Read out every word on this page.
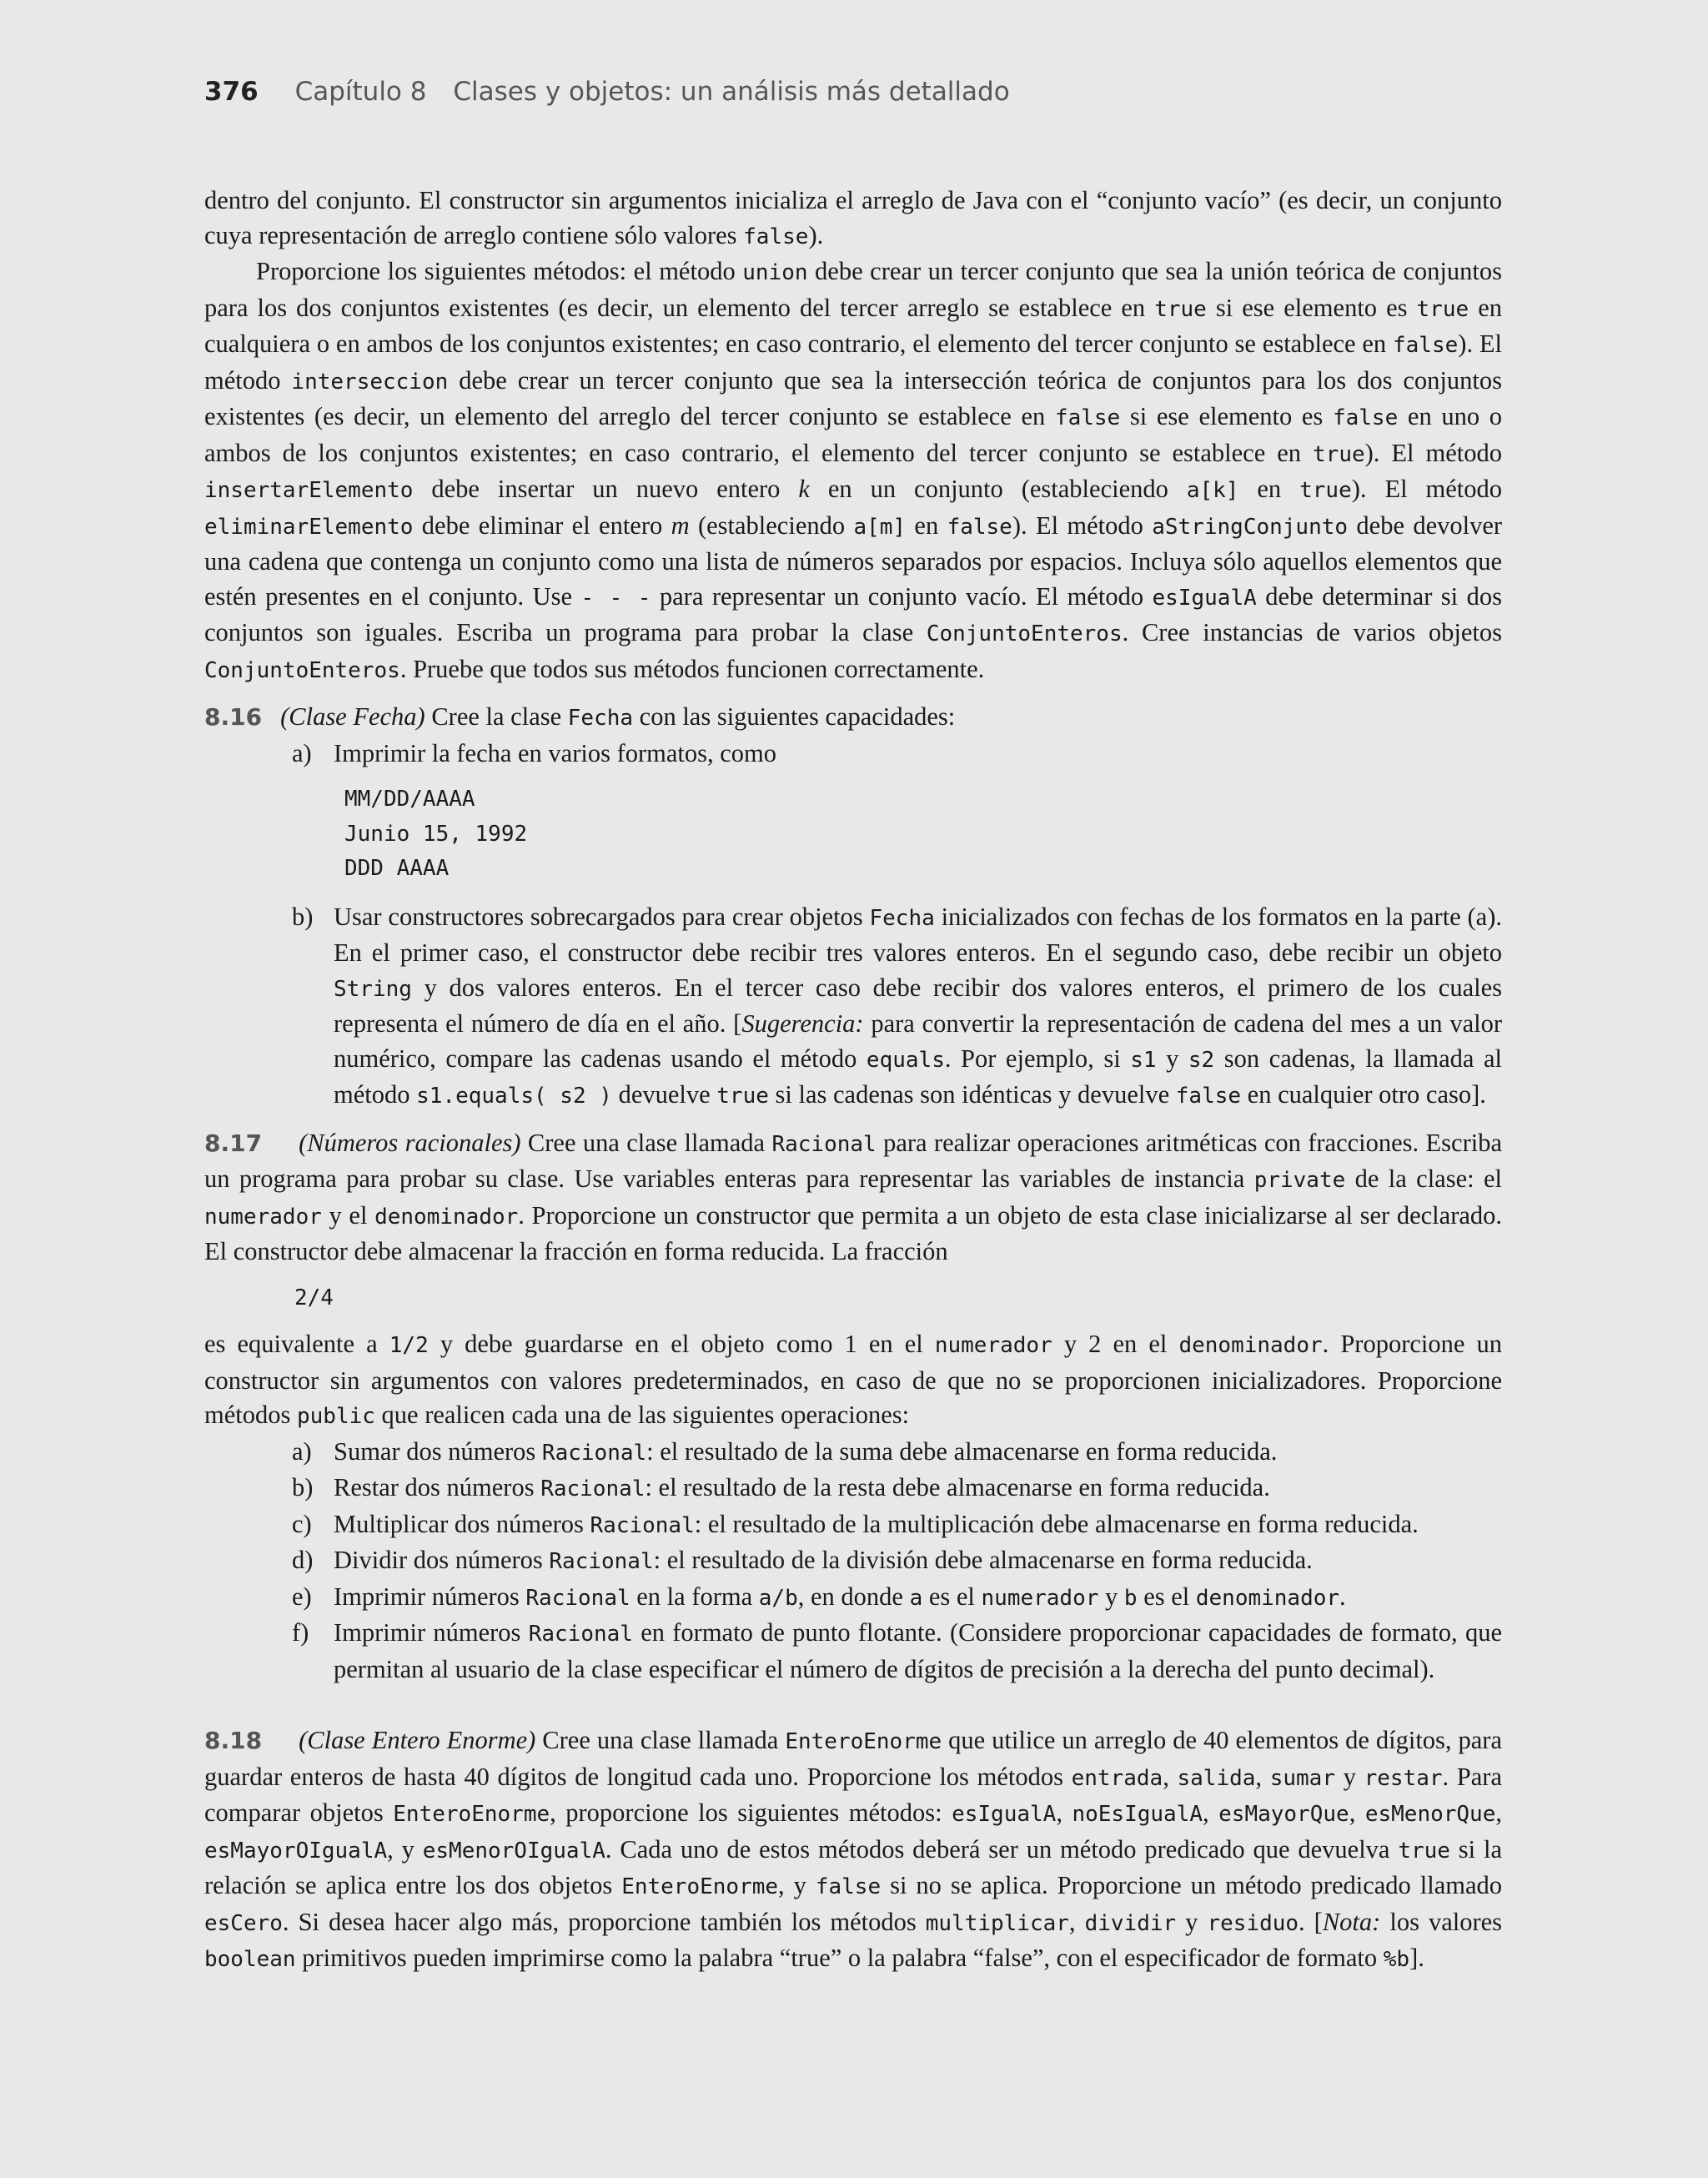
376 Capítulo 8 Clases y objetos: un análisis más detallado

dentro del conjunto. El constructor sin argumentos inicializa el arreglo de Java con el “conjunto vacío” (es decir, un conjunto cuya representación de arreglo contiene sólo valores false).

Proporcione los siguientes métodos: el método union debe crear un tercer conjunto que sea la unión teórica de conjuntos para los dos conjuntos existentes (es decir, un elemento del tercer arreglo se establece en true si ese elemento es true en cualquiera o en ambos de los conjuntos existentes; en caso contrario, el elemento del tercer conjunto se establece en false). El método interseccion debe crear un tercer conjunto que sea la intersección teórica de conjuntos para los dos conjuntos existentes (es decir, un elemento del arreglo del tercer conjunto se establece en false si ese elemento es false en uno o ambos de los conjuntos existentes; en caso contrario, el elemento del tercer conjunto se establece en true). El método insertarElemento debe insertar un nuevo entero k en un conjunto (estableciendo a[k] en true). El método eliminarElemento debe eliminar el entero m (estableciendo a[m] en false). El método aStringConjunto debe devolver una cadena que contenga un conjunto como una lista de números separados por espacios. Incluya sólo aquellos elementos que estén presentes en el conjunto. Use - - - para representar un conjunto vacío. El método esIgualA debe determinar si dos conjuntos son iguales. Escriba un programa para probar la clase ConjuntoEnteros. Cree instancias de varios objetos ConjuntoEnteros. Pruebe que todos sus métodos funcionen correctamente.

8.16 (Clase Fecha) Cree la clase Fecha con las siguientes capacidades:

a) Imprimir la fecha en varios formatos, como
MM/DD/AAAA
Junio 15, 1992
DDD AAAA
b) Usar constructores sobrecargados para crear objetos Fecha inicializados con fechas de los formatos en la parte (a). En el primer caso, el constructor debe recibir tres valores enteros. En el segundo caso, debe recibir un objeto String y dos valores enteros. En el tercer caso debe recibir dos valores enteros, el primero de los cuales representa el número de día en el año. [Sugerencia: para convertir la representación de cadena del mes a un valor numérico, compare las cadenas usando el método equals. Por ejemplo, si s1 y s2 son cadenas, la llamada al método s1.equals( s2 ) devuelve true si las cadenas son idénticas y devuelve false en cualquier otro caso].

8.17 (Números racionales) Cree una clase llamada Racional para realizar operaciones aritméticas con fracciones. Escriba un programa para probar su clase. Use variables enteras para representar las variables de instancia private de la clase: el numerador y el denominador. Proporcione un constructor que permita a un objeto de esta clase inicializarse al ser declarado. El constructor debe almacenar la fracción en forma reducida. La fracción

2/4

es equivalente a 1/2 y debe guardarse en el objeto como 1 en el numerador y 2 en el denominador. Proporcione un constructor sin argumentos con valores predeterminados, en caso de que no se proporcionen inicializadores. Proporcione métodos public que realicen cada una de las siguientes operaciones:

a) Sumar dos números Racional: el resultado de la suma debe almacenarse en forma reducida.
b) Restar dos números Racional: el resultado de la resta debe almacenarse en forma reducida.
c) Multiplicar dos números Racional: el resultado de la multiplicación debe almacenarse en forma reducida.
d) Dividir dos números Racional: el resultado de la división debe almacenarse en forma reducida.
e) Imprimir números Racional en la forma a/b, en donde a es el numerador y b es el denominador.
f) Imprimir números Racional en formato de punto flotante. (Considere proporcionar capacidades de formato, que permitan al usuario de la clase especificar el número de dígitos de precisión a la derecha del punto decimal).

8.18 (Clase Entero Enorme) Cree una clase llamada EnteroEnorme que utilice un arreglo de 40 elementos de dígitos, para guardar enteros de hasta 40 dígitos de longitud cada uno. Proporcione los métodos entrada, salida, sumar y restar. Para comparar objetos EnteroEnorme, proporcione los siguientes métodos: esIgualA, noEsIgualA, esMayorQue, esMenorQue, esMayorOIgualA, y esMenorOIgualA. Cada uno de estos métodos deberá ser un método predicado que devuelva true si la relación se aplica entre los dos objetos EnteroEnorme, y false si no se aplica. Proporcione un método predicado llamado esCero. Si desea hacer algo más, proporcione también los métodos multiplicar, dividir y residuo. [Nota: los valores boolean primitivos pueden imprimirse como la palabra “true” o la palabra “false”, con el especificador de formato %b].
